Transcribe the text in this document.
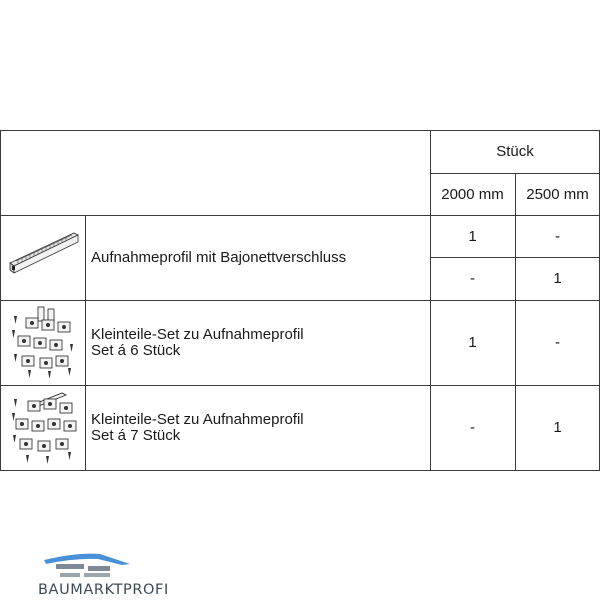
Stück
2000 mm	2500 mm
Aufnahmeprofil mit Bajonettverschluss
1	-
-	1
Kleinteile-Set zu Aufnahmeprofil
Set á 6 Stück	1	-
Kleinteile-Set zu Aufnahmeprofil
Set á 7 Stück	-	1
BAUMARKTPROFI
